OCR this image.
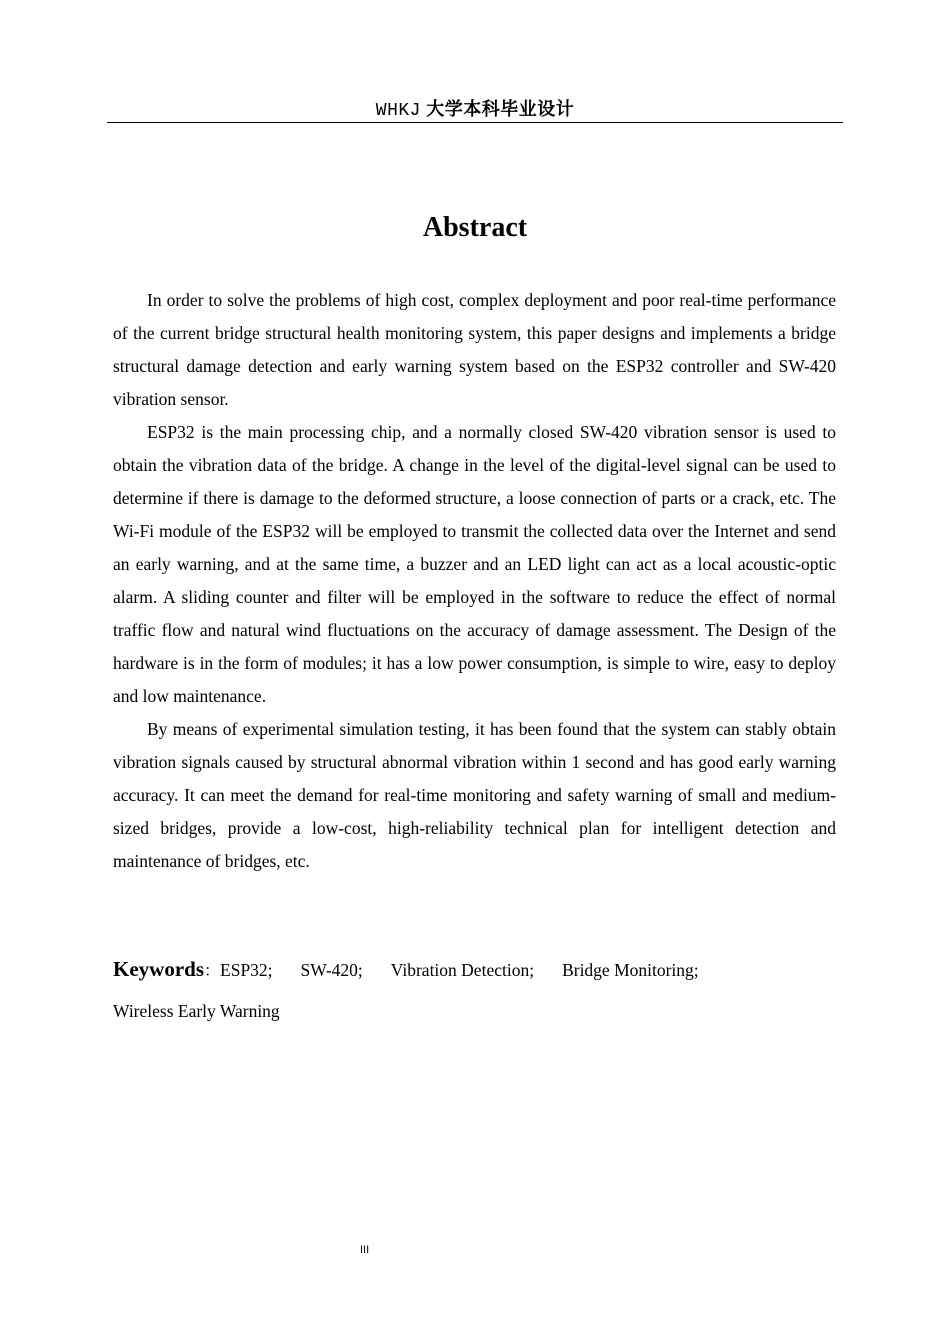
WHKJ 大学本科毕业设计
Abstract

In order to solve the problems of high cost, complex deployment and poor real-time performance of the current bridge structural health monitoring system, this paper designs and implements a bridge structural damage detection and early warning system based on the ESP32 controller and SW-420 vibration sensor.

ESP32 is the main processing chip, and a normally closed SW-420 vibration sensor is used to obtain the vibration data of the bridge. A change in the level of the digital-level signal can be used to determine if there is damage to the deformed structure, a loose connection of parts or a crack, etc. The Wi-Fi module of the ESP32 will be employed to transmit the collected data over the Internet and send an early warning, and at the same time, a buzzer and an LED light can act as a local acoustic-optic alarm. A sliding counter and filter will be employed in the software to reduce the effect of normal traffic flow and natural wind fluctuations on the accuracy of damage assessment. The Design of the hardware is in the form of modules; it has a low power consumption, is simple to wire, easy to deploy and low maintenance.

By means of experimental simulation testing, it has been found that the system can stably obtain vibration signals caused by structural abnormal vibration within 1 second and has good early warning accuracy. It can meet the demand for real-time monitoring and safety warning of small and medium-sized bridges, provide a low-cost, high-reliability technical plan for intelligent detection and maintenance of bridges, etc.

Keywords：ESP32; SW-420; Vibration Detection; Bridge Monitoring;
Wireless Early Warning
III
